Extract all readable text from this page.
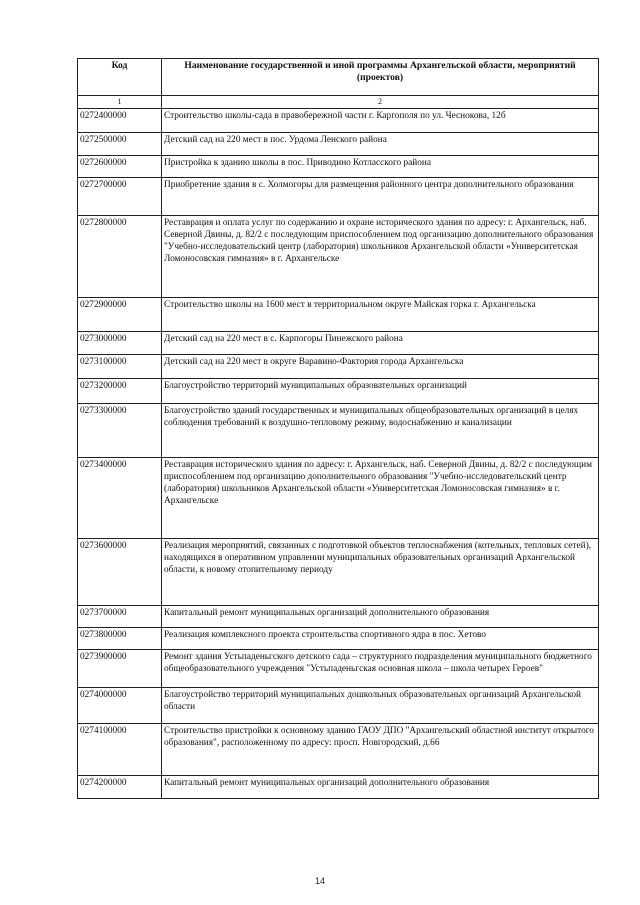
Код	Наименование государственной и иной программы Архангельской области, мероприятий (проектов)
1	2
0272400000	Строительство школы-сада в правобережной части г. Каргополя по ул. Чеснокова, 12б
0272500000	Детский сад на 220 мест в пос. Урдома Ленского района
0272600000	Пристройка к зданию школы в пос. Приводино Котласского района
0272700000	Приобретение здания в с. Холмогоры для размещения районного центра дополнительного образования
0272800000	Реставрация и оплата услуг по содержанию и охране исторического здания по адресу: г. Архангельск, наб. Северной Двины, д. 82/2 с последующим приспособлением под организацию дополнительного образования "Учебно-исследовательский центр (лаборатория) школьников Архангельской области «Университетская Ломоносовская гимназия» в г. Архангельске
0272900000	Строительство школы на 1600 мест в территориальном округе Майская горка г. Архангельска
0273000000	Детский сад на 220 мест в с. Карпогоры Пинежского района
0273100000	Детский сад на 220 мест в округе Варавино-Фактория города Архангельска
0273200000	Благоустройство территорий муниципальных образовательных организаций
0273300000	Благоустройство зданий государственных и муниципальных общеобразовательных организаций в целях соблюдения требований к воздушно-тепловому режиму, водоснабжению и канализации
0273400000	Реставрация исторического здания по адресу: г. Архангельск, наб. Северной Двины, д. 82/2 с последующим приспособлением под организацию дополнительного образования "Учебно-исследовательский центр (лаборатория) школьников Архангельской области «Университетская Ломоносовская гимназия» в г. Архангельске
0273600000	Реализация мероприятий, связанных с подготовкой объектов теплоснабжения (котельных, тепловых сетей), находящихся в оперативном управлении муниципальных образовательных организаций Архангельской области, к новому отопительному периоду
0273700000	Капитальный ремонт муниципальных организаций дополнительного образования
0273800000	Реализация комплексного проекта строительства спортивного ядра в пос. Хетово
0273900000	Ремонт здания Устьпаденьгского детского сада – структурного подразделения муниципального бюджетного общеобразовательного учреждения "Устьпаденьгская основная школа – школа четырех Героев"
0274000000	Благоустройство территорий муниципальных дошкольных образовательных организаций Архангельской области
0274100000	Строительство пристройки к основному зданию ГАОУ ДПО "Архангельский областной институт открытого образования", расположенному по адресу: просп. Новгородский, д.66
0274200000	Капитальный ремонт муниципальных организаций дополнительного образования
14
